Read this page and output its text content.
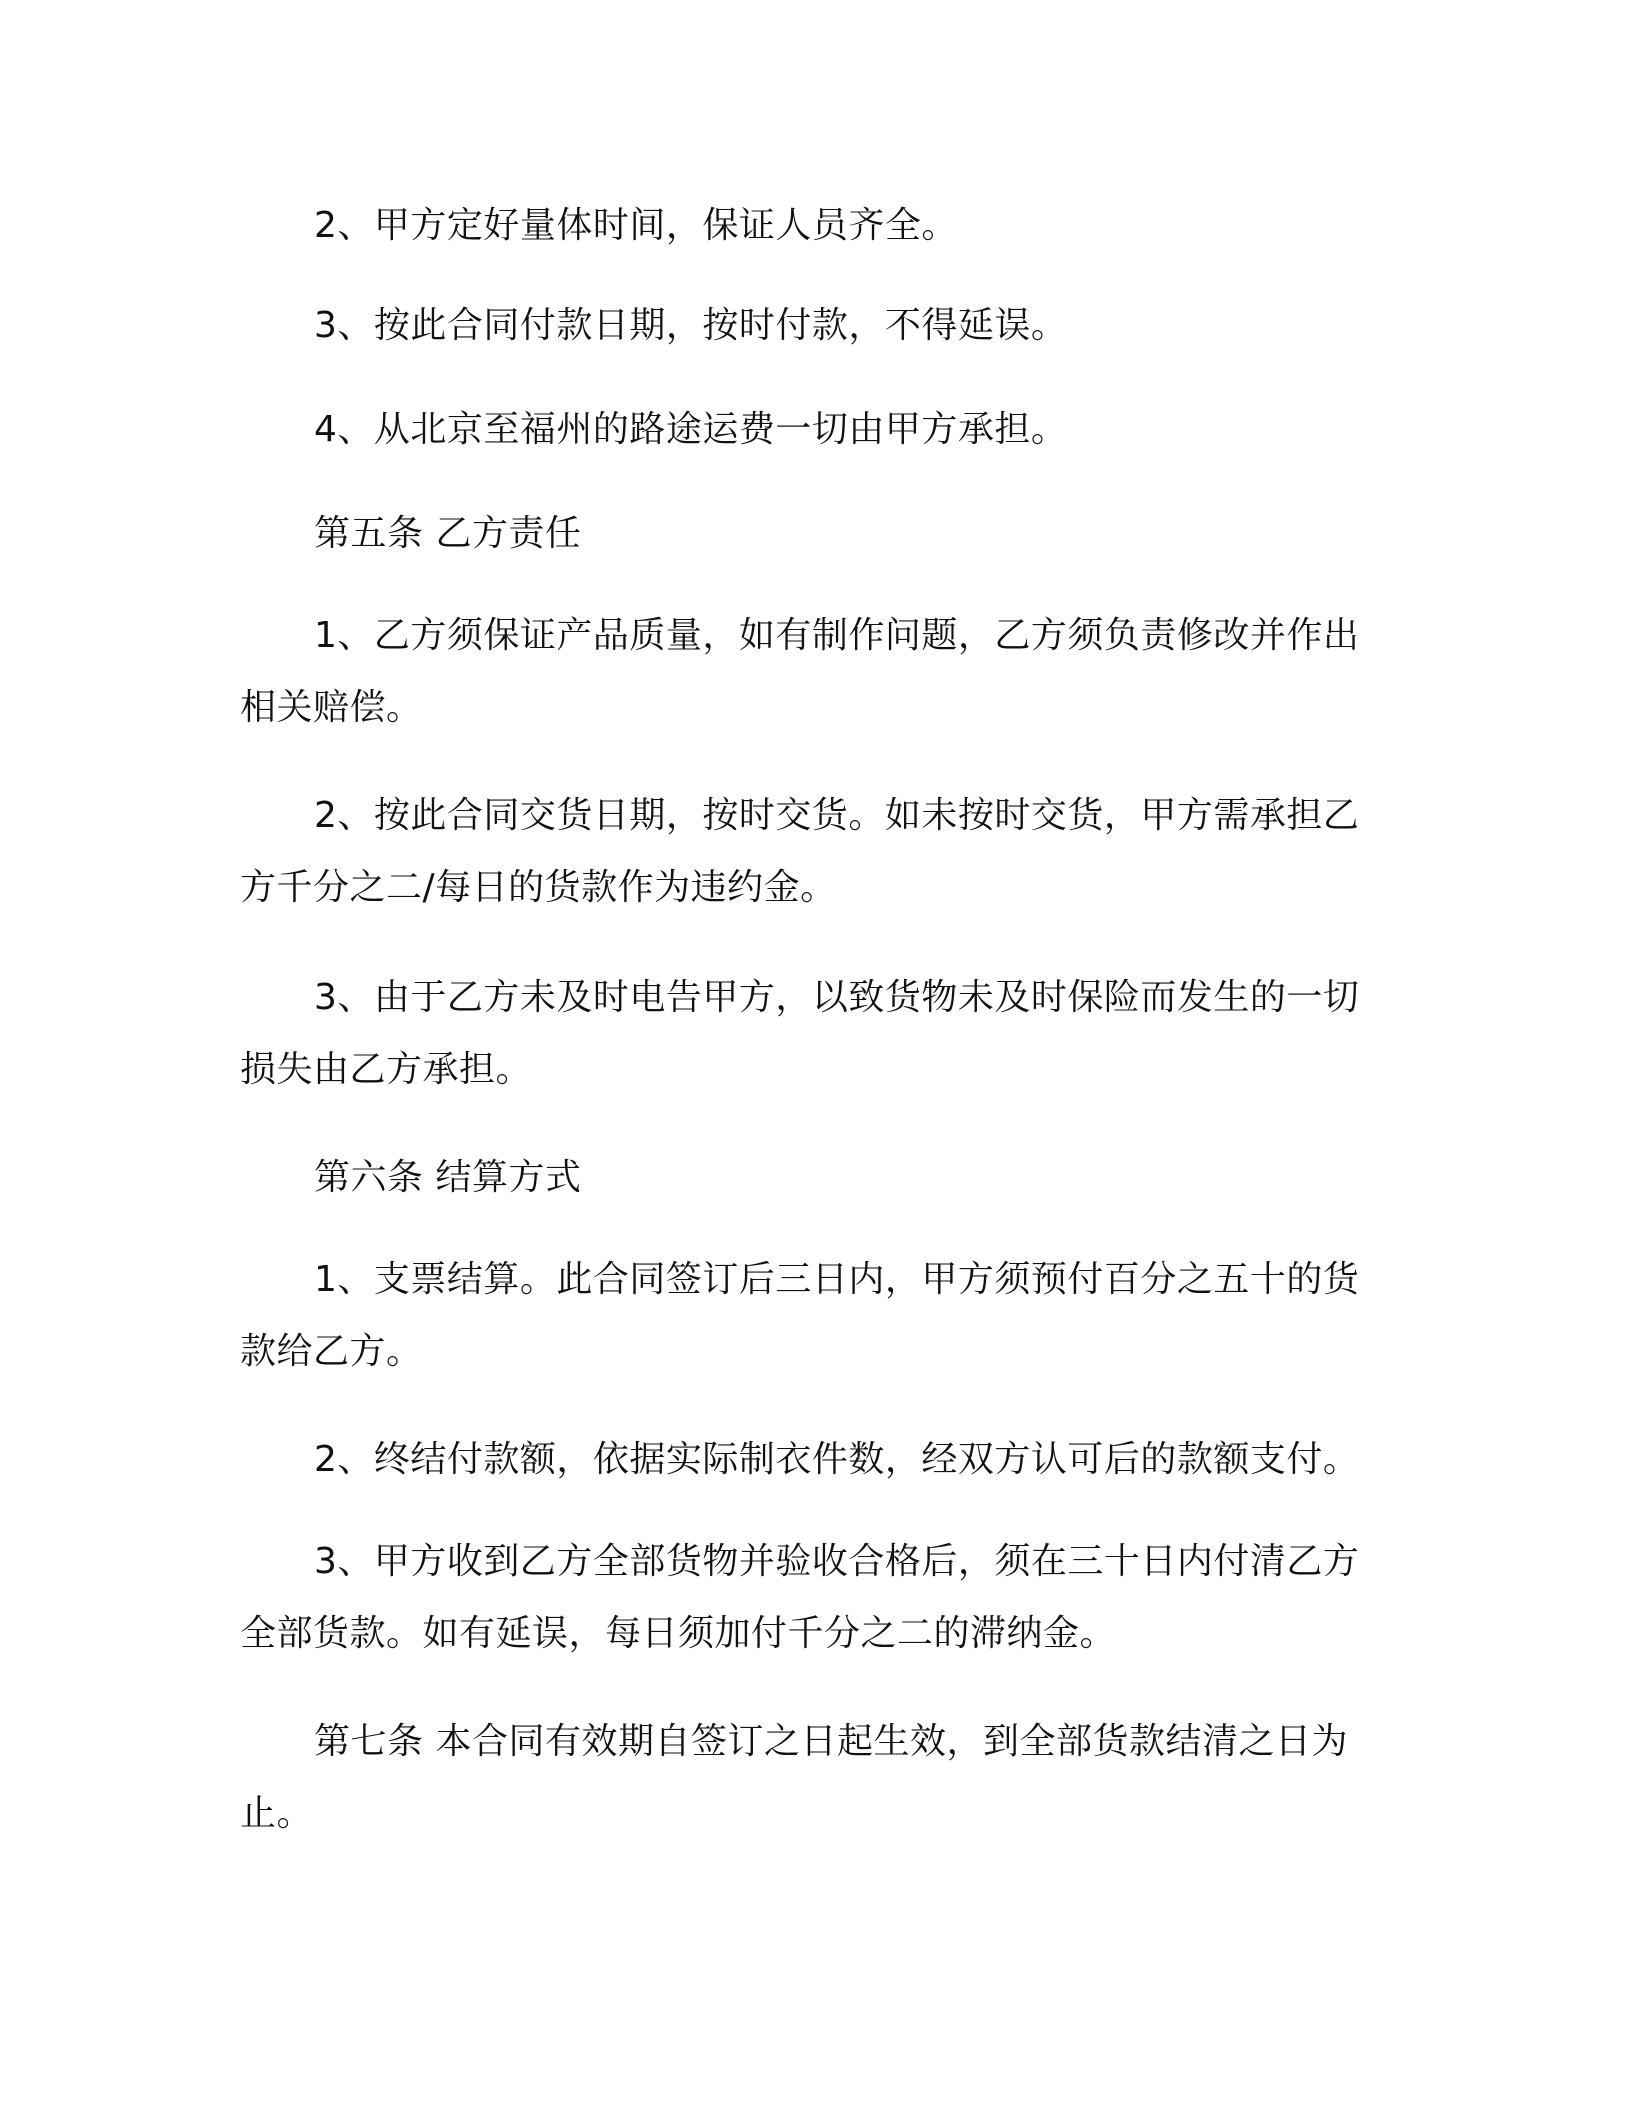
2、甲方定好量体时间，保证人员齐全。

3、按此合同付款日期，按时付款，不得延误。

4、从北京至福州的路途运费一切由甲方承担。

第五条 乙方责任

1、乙方须保证产品质量，如有制作问题，乙方须负责修改并作出相关赔偿。

2、按此合同交货日期，按时交货。如未按时交货，甲方需承担乙方千分之二/每日的货款作为违约金。

3、由于乙方未及时电告甲方，以致货物未及时保险而发生的一切损失由乙方承担。

第六条 结算方式

1、支票结算。此合同签订后三日内，甲方须预付百分之五十的货款给乙方。

2、终结付款额，依据实际制衣件数，经双方认可后的款额支付。

3、甲方收到乙方全部货物并验收合格后，须在三十日内付清乙方全部货款。如有延误，每日须加付千分之二的滞纳金。

第七条 本合同有效期自签订之日起生效，到全部货款结清之日为止。
